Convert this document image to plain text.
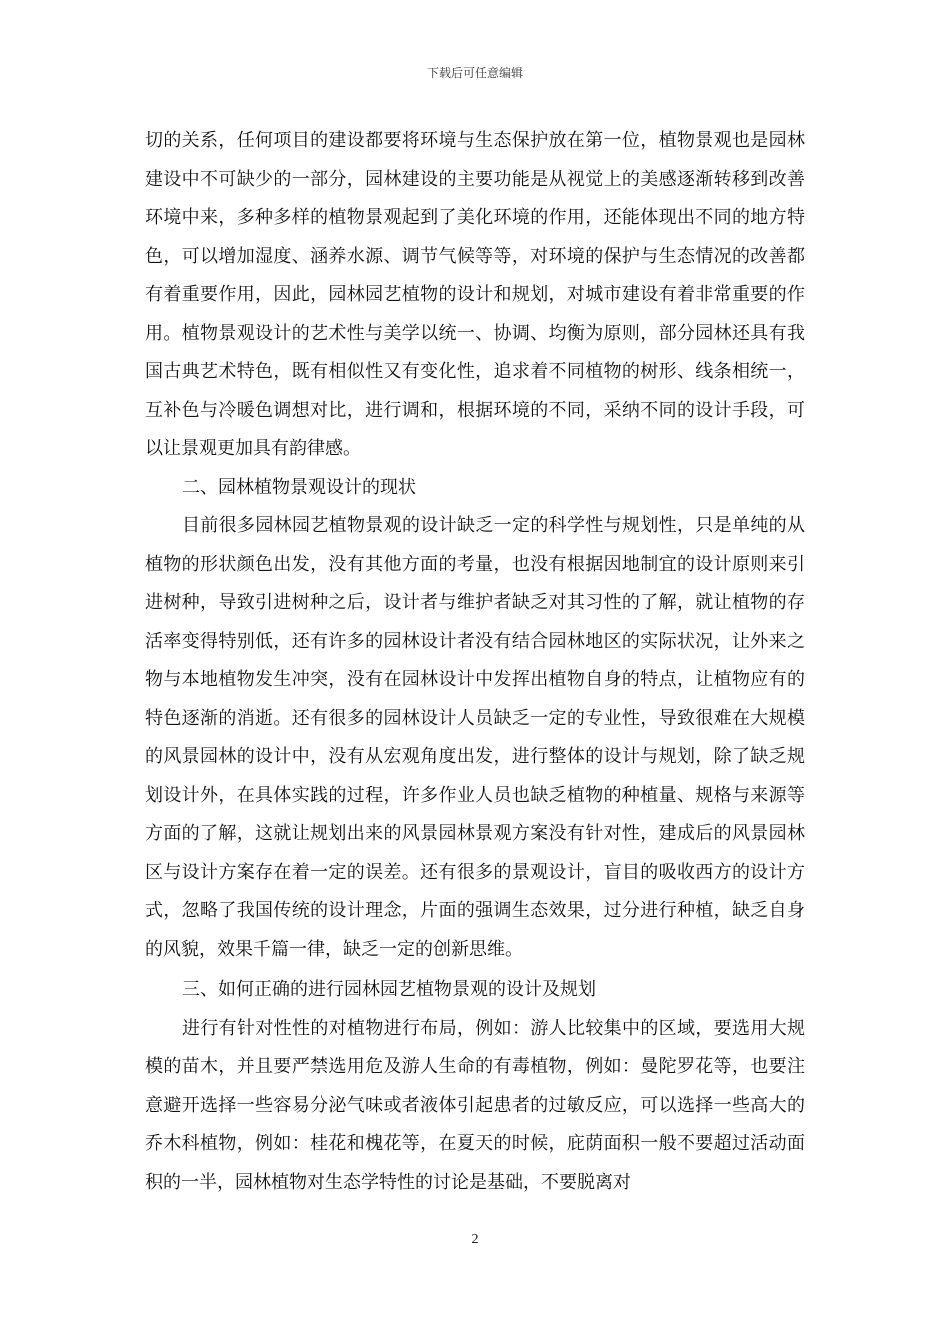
下载后可任意编辑

切的关系，任何项目的建设都要将环境与生态保护放在第一位，植物景观也是园林建设中不可缺少的一部分，园林建设的主要功能是从视觉上的美感逐渐转移到改善环境中来，多种多样的植物景观起到了美化环境的作用，还能体现出不同的地方特色，可以增加湿度、涵养水源、调节气候等等，对环境的保护与生态情况的改善都有着重要作用，因此，园林园艺植物的设计和规划，对城市建设有着非常重要的作用。植物景观设计的艺术性与美学以统一、协调、均衡为原则，部分园林还具有我国古典艺术特色，既有相似性又有变化性，追求着不同植物的树形、线条相统一，互补色与冷暖色调想对比，进行调和，根据环境的不同，采纳不同的设计手段，可以让景观更加具有韵律感。

二、园林植物景观设计的现状

目前很多园林园艺植物景观的设计缺乏一定的科学性与规划性，只是单纯的从植物的形状颜色出发，没有其他方面的考量，也没有根据因地制宜的设计原则来引进树种，导致引进树种之后，设计者与维护者缺乏对其习性的了解，就让植物的存活率变得特别低，还有许多的园林设计者没有结合园林地区的实际状况，让外来之物与本地植物发生冲突，没有在园林设计中发挥出植物自身的特点，让植物应有的特色逐渐的消逝。还有很多的园林设计人员缺乏一定的专业性，导致很难在大规模的风景园林的设计中，没有从宏观角度出发，进行整体的设计与规划，除了缺乏规划设计外，在具体实践的过程，许多作业人员也缺乏植物的种植量、规格与来源等方面的了解，这就让规划出来的风景园林景观方案没有针对性，建成后的风景园林区与设计方案存在着一定的误差。还有很多的景观设计，盲目的吸收西方的设计方式，忽略了我国传统的设计理念，片面的强调生态效果，过分进行种植，缺乏自身的风貌，效果千篇一律，缺乏一定的创新思维。

三、如何正确的进行园林园艺植物景观的设计及规划

进行有针对性性的对植物进行布局，例如：游人比较集中的区域，要选用大规模的苗木，并且要严禁选用危及游人生命的有毒植物，例如：曼陀罗花等，也要注意避开选择一些容易分泌气味或者液体引起患者的过敏反应，可以选择一些高大的乔木科植物，例如：桂花和槐花等，在夏天的时候，庇荫面积一般不要超过活动面积的一半，园林植物对生态学特性的讨论是基础，不要脱离对

2
